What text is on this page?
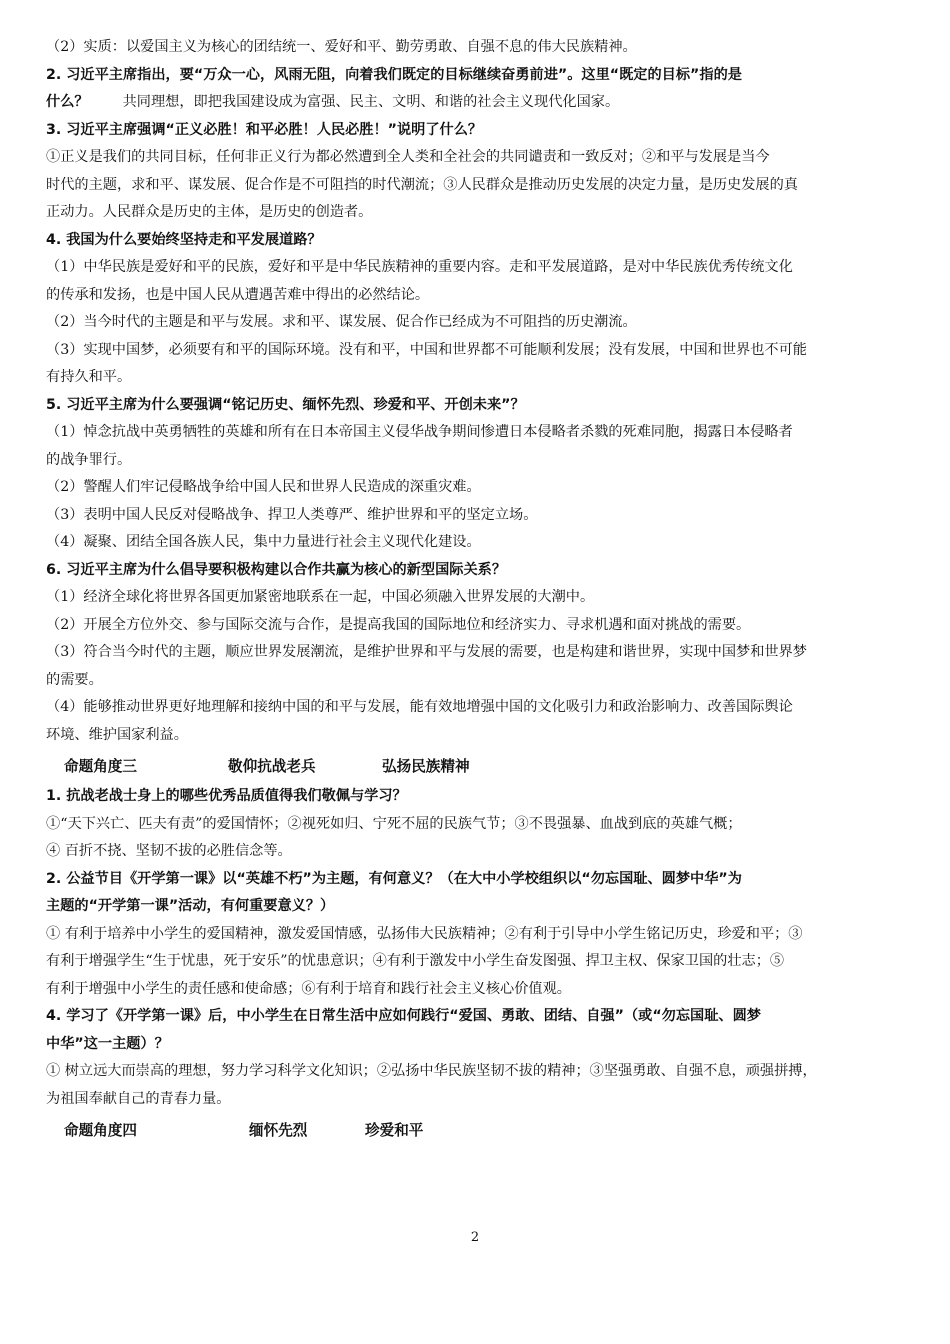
（2）实质：以爱国主义为核心的团结统一、爱好和平、勤劳勇敢、自强不息的伟大民族精神。

2. 习近平主席指出，要“万众一心，风雨无阻，向着我们既定的目标继续奋勇前进”。这里“既定的目标”指的是

什么？ 共同理想，即把我国建设成为富强、民主、文明、和谐的社会主义现代化国家。

3. 习近平主席强调“正义必胜！和平必胜！人民必胜！”说明了什么？

①正义是我们的共同目标，任何非正义行为都必然遭到全人类和全社会的共同谴责和一致反对；②和平与发展是当今

时代的主题，求和平、谋发展、促合作是不可阻挡的时代潮流；③人民群众是推动历史发展的决定力量，是历史发展的真

正动力。人民群众是历史的主体，是历史的创造者。

4. 我国为什么要始终坚持走和平发展道路？

（1）中华民族是爱好和平的民族，爱好和平是中华民族精神的重要内容。走和平发展道路，是对中华民族优秀传统文化

的传承和发扬，也是中国人民从遭遇苦难中得出的必然结论。

（2）当今时代的主题是和平与发展。求和平、谋发展、促合作已经成为不可阻挡的历史潮流。

（3）实现中国梦，必须要有和平的国际环境。没有和平，中国和世界都不可能顺利发展；没有发展，中国和世界也不可能

有持久和平。

5. 习近平主席为什么要强调“铭记历史、缅怀先烈、珍爱和平、开创未来”？

（1）悼念抗战中英勇牺牲的英雄和所有在日本帝国主义侵华战争期间惨遭日本侵略者杀戮的死难同胞，揭露日本侵略者

的战争罪行。

（2）警醒人们牢记侵略战争给中国人民和世界人民造成的深重灾难。

（3）表明中国人民反对侵略战争、捍卫人类尊严、维护世界和平的坚定立场。

（4）凝聚、团结全国各族人民，集中力量进行社会主义现代化建设。

6. 习近平主席为什么倡导要积极构建以合作共赢为核心的新型国际关系？

（1）经济全球化将世界各国更加紧密地联系在一起，中国必须融入世界发展的大潮中。

（2）开展全方位外交、参与国际交流与合作，是提高我国的国际地位和经济实力、寻求机遇和面对挑战的需要。

（3）符合当今时代的主题，顺应世界发展潮流，是维护世界和平与发展的需要，也是构建和谐世界，实现中国梦和世界梦

的需要。

（4）能够推动世界更好地理解和接纳中国的和平与发展，能有效地增强中国的文化吸引力和政治影响力、改善国际舆论

环境、维护国家利益。

命题角度三	敬仰抗战老兵	弘扬民族精神

1. 抗战老战士身上的哪些优秀品质值得我们敬佩与学习？

①“天下兴亡、匹夫有责”的爱国情怀；②视死如归、宁死不屈的民族气节；③不畏强暴、血战到底的英雄气概；

④ 百折不挠、坚韧不拔的必胜信念等。

2. 公益节目《开学第一课》以“英雄不朽”为主题，有何意义？（在大中小学校组织以“勿忘国耻、圆梦中华”为

主题的“开学第一课”活动，有何重要意义？）

① 有利于培养中小学生的爱国精神，激发爱国情感，弘扬伟大民族精神；②有利于引导中小学生铭记历史，珍爱和平；③

有利于增强学生“生于忧患，死于安乐”的忧患意识；④有利于激发中小学生奋发图强、捍卫主权、保家卫国的壮志；⑤

有利于增强中小学生的责任感和使命感；⑥有利于培育和践行社会主义核心价值观。

4. 学习了《开学第一课》后，中小学生在日常生活中应如何践行“爱国、勇敢、团结、自强”（或“勿忘国耻、圆梦

中华”这一主题）？

① 树立远大而崇高的理想，努力学习科学文化知识；②弘扬中华民族坚韧不拔的精神；③坚强勇敢、自强不息，顽强拼搏，

为祖国奉献自己的青春力量。

命题角度四	缅怀先烈	珍爱和平
2
